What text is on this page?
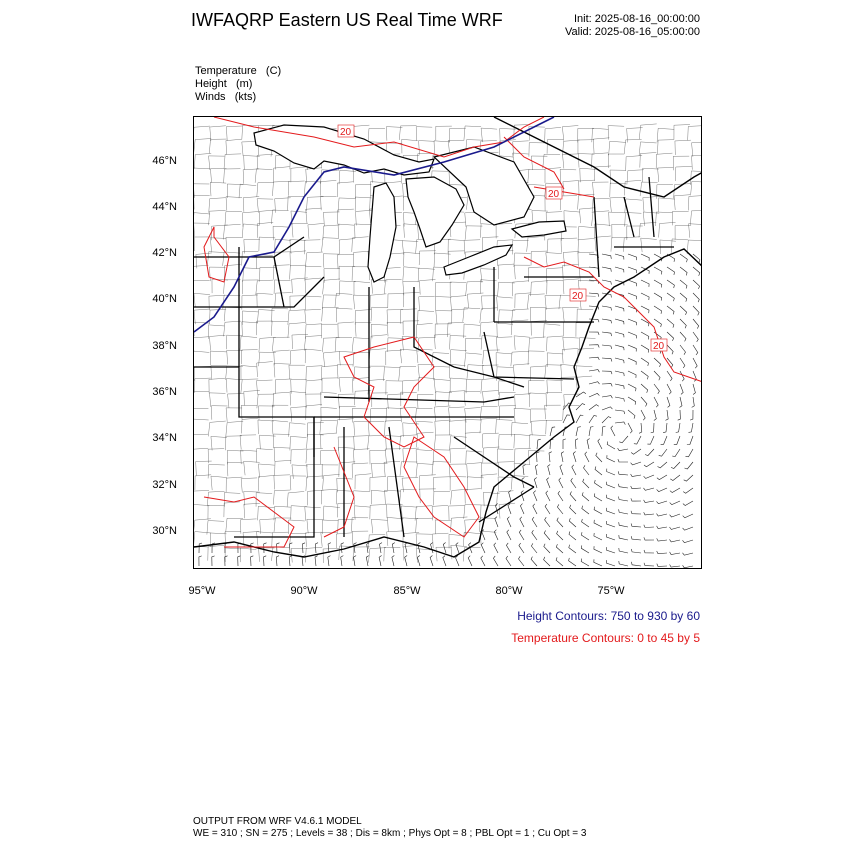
IWFAQRP Eastern US Real Time WRF	Init: 2025-08-16_00:00:00
Valid: 2025-08-16_05:00:00
Temperature   (C)
Height   (m)
Winds   (kts)
46°N
44°N
42°N
40°N
38°N
36°N
34°N
32°N
30°N
95°W	90°W	85°W	80°W	75°W
20
20
20
20
Height Contours: 750 to 930 by 60
Temperature Contours: 0 to 45 by 5
OUTPUT FROM WRF V4.6.1 MODEL
WE = 310 ; SN = 275 ; Levels = 38 ; Dis = 8km ; Phys Opt = 8 ; PBL Opt = 1 ; Cu Opt = 3
